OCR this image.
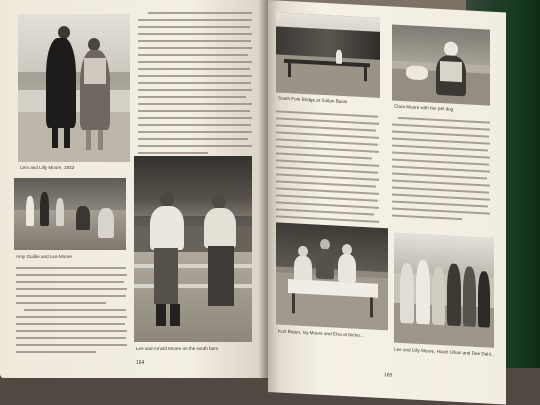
Lem and Lilly Moore, 1933
Amy Guidie and Lea Moore
Lee and Arnold Moore on the south farm
164
South Fork Bridge at Sultan Basin
Clara Moore with her pet dog
Kurt Braun, Ivy Moore and Elva at Nicho...
Lee and Lilly Moore, Hazel Lillian and Dee Dahl...
165
